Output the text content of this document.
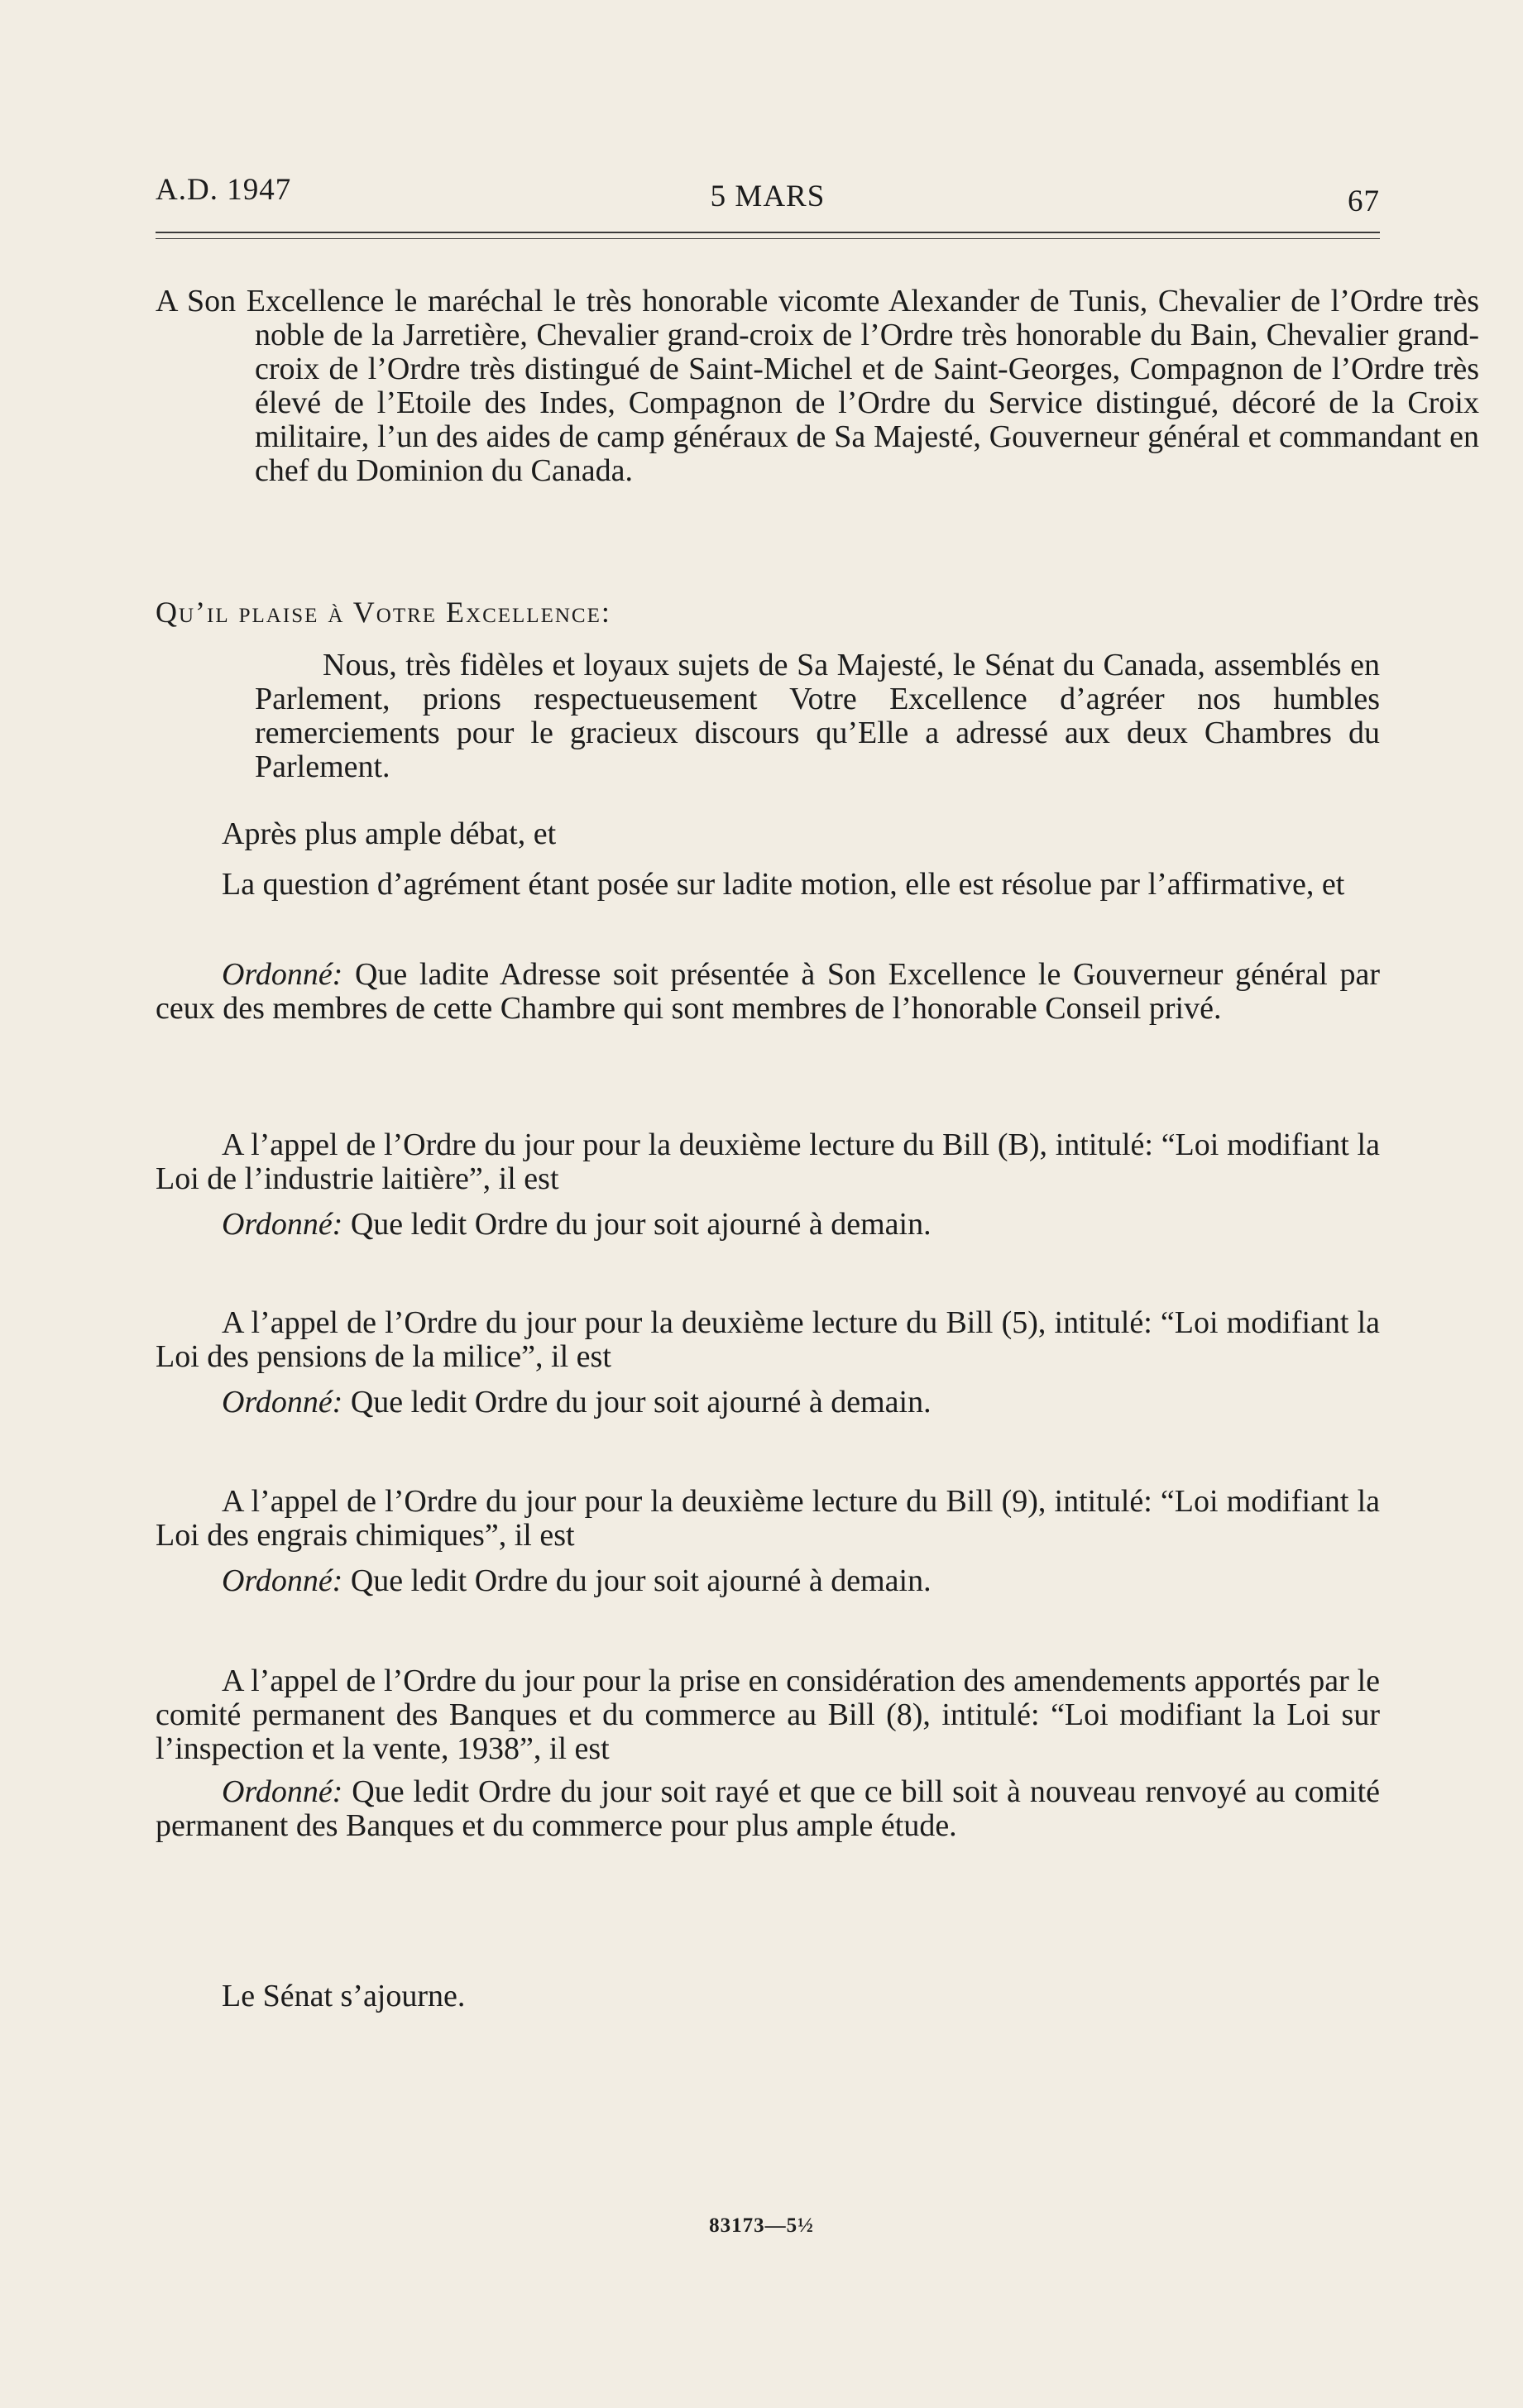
A.D. 1947	5 MARS	67

A Son Excellence le maréchal le très honorable vicomte Alexander de Tunis, Chevalier de l’Ordre très noble de la Jarretière, Chevalier grand-croix de l’Ordre très honorable du Bain, Chevalier grand-croix de l’Ordre très distingué de Saint-Michel et de Saint-Georges, Compagnon de l’Ordre très élevé de l’Etoile des Indes, Compagnon de l’Ordre du Service distingué, décoré de la Croix militaire, l’un des aides de camp généraux de Sa Majesté, Gouverneur général et commandant en chef du Dominion du Canada.

Qu’il plaise à Votre Excellence:

Nous, très fidèles et loyaux sujets de Sa Majesté, le Sénat du Canada, assemblés en Parlement, prions respectueusement Votre Excellence d’agréer nos humbles remerciements pour le gracieux discours qu’Elle a adressé aux deux Chambres du Parlement.

Après plus ample débat, et

La question d’agrément étant posée sur ladite motion, elle est résolue par l’affirmative, et

Ordonné: Que ladite Adresse soit présentée à Son Excellence le Gouverneur général par ceux des membres de cette Chambre qui sont membres de l’honorable Conseil privé.

A l’appel de l’Ordre du jour pour la deuxième lecture du Bill (B), intitulé: “Loi modifiant la Loi de l’industrie laitière”, il est

Ordonné: Que ledit Ordre du jour soit ajourné à demain.

A l’appel de l’Ordre du jour pour la deuxième lecture du Bill (5), intitulé: “Loi modifiant la Loi des pensions de la milice”, il est

Ordonné: Que ledit Ordre du jour soit ajourné à demain.

A l’appel de l’Ordre du jour pour la deuxième lecture du Bill (9), intitulé: “Loi modifiant la Loi des engrais chimiques”, il est

Ordonné: Que ledit Ordre du jour soit ajourné à demain.

A l’appel de l’Ordre du jour pour la prise en considération des amendements apportés par le comité permanent des Banques et du commerce au Bill (8), intitulé: “Loi modifiant la Loi sur l’inspection et la vente, 1938”, il est

Ordonné: Que ledit Ordre du jour soit rayé et que ce bill soit à nouveau renvoyé au comité permanent des Banques et du commerce pour plus ample étude.

Le Sénat s’ajourne.

83173—5½
